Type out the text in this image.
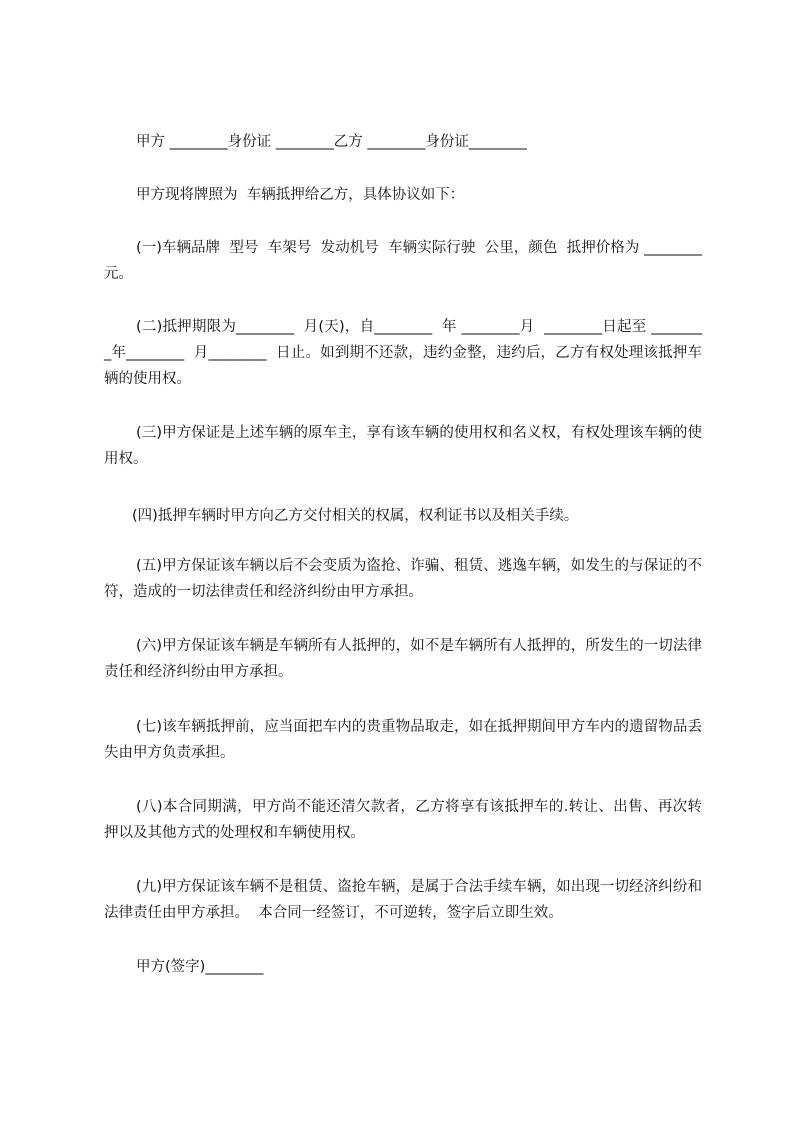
甲方 ________身份证 ________乙方 ________身份证________

甲方现将牌照为  车辆抵押给乙方，具体协议如下：

(一)车辆品牌  型号  车架号  发动机号  车辆实际行驶  公里，颜色  抵押价格为 ________元。

(二)抵押期限为________  月(天)，自________  年 ________月  ________日起至 ________年________  月________  日止。如到期不还款，违约金整，违约后，乙方有权处理该抵押车辆的使用权。

(三)甲方保证是上述车辆的原车主，享有该车辆的使用权和名义权，有权处理该车辆的使用权。

(四)抵押车辆时甲方向乙方交付相关的权属，权利证书以及相关手续。

(五)甲方保证该车辆以后不会变质为盗抢、诈骗、租赁、逃逸车辆，如发生的与保证的不符，造成的一切法律责任和经济纠纷由甲方承担。

(六)甲方保证该车辆是车辆所有人抵押的，如不是车辆所有人抵押的，所发生的一切法律责任和经济纠纷由甲方承担。

(七)该车辆抵押前，应当面把车内的贵重物品取走，如在抵押期间甲方车内的遗留物品丢失由甲方负责承担。

(八)本合同期满，甲方尚不能还清欠款者，乙方将享有该抵押车的.转让、出售、再次转押以及其他方式的处理权和车辆使用权。

(九)甲方保证该车辆不是租赁、盗抢车辆，是属于合法手续车辆，如出现一切经济纠纷和法律责任由甲方承担。  本合同一经签订，不可逆转，签字后立即生效。

甲方(签字)________
